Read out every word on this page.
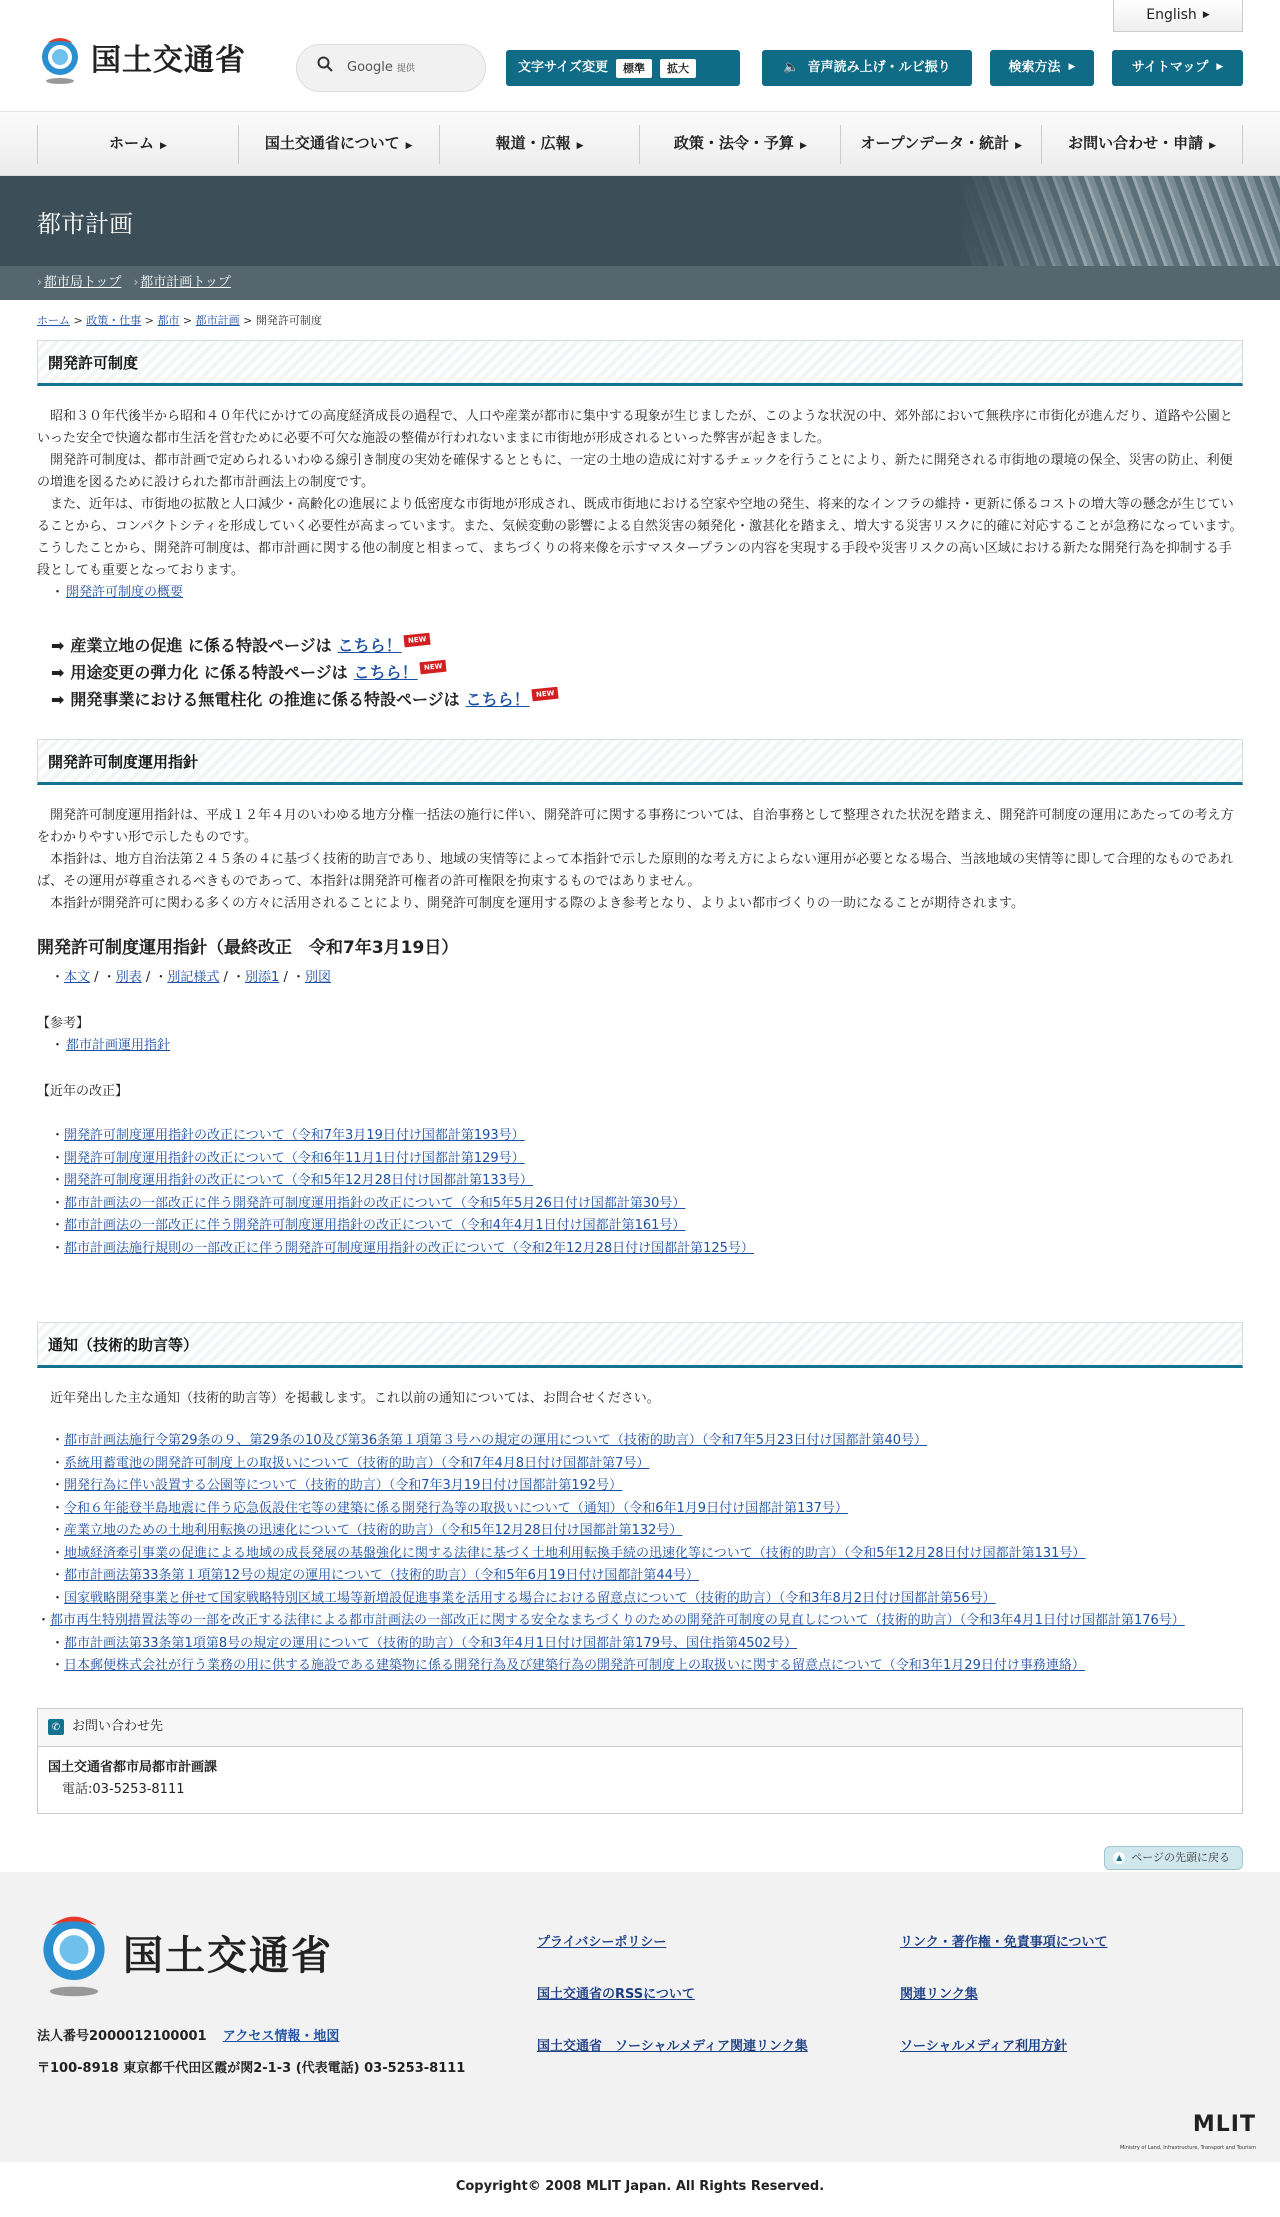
国土交通省
English ▶
Google 提供	文字サイズ変更	標準	拡大	🔈 音声読み上げ・ルビ振り	検索方法 ▶	サイトマップ ▶
ホーム ▶	国土交通省について ▶	報道・広報 ▶	政策・法令・予算 ▶	オープンデータ・統計 ▶	お問い合わせ・申請 ▶
都市計画
› 都市局トップ › 都市計画トップ
ホーム > 政策・仕事 > 都市 > 都市計画 > 開発許可制度
開発許可制度

昭和３０年代後半から昭和４０年代にかけての高度経済成長の過程で、人口や産業が都市に集中する現象が生じましたが、このような状況の中、郊外部において無秩序に市街化が進んだり、道路や公園といった安全で快適な都市生活を営むために必要不可欠な施設の整備が行われないままに市街地が形成されるといった弊害が起きました。

開発許可制度は、都市計画で定められるいわゆる線引き制度の実効を確保するとともに、一定の土地の造成に対するチェックを行うことにより、新たに開発される市街地の環境の保全、災害の防止、利便の増進を図るために設けられた都市計画法上の制度です。

また、近年は、市街地の拡散と人口減少・高齢化の進展により低密度な市街地が形成され、既成市街地における空家や空地の発生、将来的なインフラの維持・更新に係るコストの増大等の懸念が生じていることから、コンパクトシティを形成していく必要性が高まっています。また、気候変動の影響による自然災害の頻発化・激甚化を踏まえ、増大する災害リスクに的確に対応することが急務になっています。こうしたことから、開発許可制度は、都市計画に関する他の制度と相まって、まちづくりの将来像を示すマスタープランの内容を実現する手段や災害リスクの高い区域における新たな開発行為を抑制する手段としても重要となっております。

・ 開発許可制度の概要
➡ 産業立地の促進 に係る特設ページは こちら！ NEW
➡ 用途変更の弾力化 に係る特設ページは こちら！ NEW
➡ 開発事業における無電柱化 の推進に係る特設ページは こちら！ NEW
開発許可制度運用指針

開発許可制度運用指針は、平成１２年４月のいわゆる地方分権一括法の施行に伴い、開発許可に関する事務については、自治事務として整理された状況を踏まえ、開発許可制度の運用にあたっての考え方をわかりやすい形で示したものです。

本指針は、地方自治法第２４５条の４に基づく技術的助言であり、地域の実情等によって本指針で示した原則的な考え方によらない運用が必要となる場合、当該地域の実情等に即して合理的なものであれば、その運用が尊重されるべきものであって、本指針は開発許可権者の許可権限を拘束するものではありません。

本指針が開発許可に関わる多くの方々に活用されることにより、開発許可制度を運用する際のよき参考となり、よりよい都市づくりの一助になることが期待されます。

開発許可制度運用指針（最終改正　令和7年3月19日）
・本文 / ・別表 / ・別記様式 / ・別添1 / ・別図
【参考】
・ 都市計画運用指針
【近年の改正】
・開発許可制度運用指針の改正について（令和7年3月19日付け国都計第193号）
・開発許可制度運用指針の改正について（令和6年11月1日付け国都計第129号）
・開発許可制度運用指針の改正について（令和5年12月28日付け国都計第133号）
・都市計画法の一部改正に伴う開発許可制度運用指針の改正について（令和5年5月26日付け国都計第30号）
・都市計画法の一部改正に伴う開発許可制度運用指針の改正について（令和4年4月1日付け国都計第161号）
・都市計画法施行規則の一部改正に伴う開発許可制度運用指針の改正について（令和2年12月28日付け国都計第125号）
通知（技術的助言等）

近年発出した主な通知（技術的助言等）を掲載します。これ以前の通知については、お問合せください。

・都市計画法施行令第29条の９、第29条の10及び第36条第１項第３号ハの規定の運用について（技術的助言）（令和7年5月23日付け国都計第40号）
・系統用蓄電池の開発許可制度上の取扱いについて（技術的助言）（令和7年4月8日付け国都計第7号）
・開発行為に伴い設置する公園等について（技術的助言）（令和7年3月19日付け国都計第192号）
・令和６年能登半島地震に伴う応急仮設住宅等の建築に係る開発行為等の取扱いについて（通知）（令和6年1月9日付け国都計第137号）
・産業立地のための土地利用転換の迅速化について（技術的助言）（令和5年12月28日付け国都計第132号）
・地域経済牽引事業の促進による地域の成長発展の基盤強化に関する法律に基づく土地利用転換手続の迅速化等について（技術的助言）（令和5年12月28日付け国都計第131号）
・都市計画法第33条第１項第12号の規定の運用について（技術的助言）（令和5年6月19日付け国都計第44号）
・国家戦略開発事業と併せて国家戦略特別区域工場等新増設促進事業を活用する場合における留意点について（技術的助言）（令和3年8月2日付け国都計第56号）
・都市再生特別措置法等の一部を改正する法律による都市計画法の一部改正に関する安全なまちづくりのための開発許可制度の見直しについて（技術的助言）（令和3年4月1日付け国都計第176号）
・都市計画法第33条第1項第8号の規定の運用について（技術的助言）（令和3年4月1日付け国都計第179号、国住指第4502号）
・日本郵便株式会社が行う業務の用に供する施設である建築物に係る開発行為及び建築行為の開発許可制度上の取扱いに関する留意点について（令和3年1月29日付け事務連絡）
✆ お問い合わせ先
国土交通省都市局都市計画課
電話:03-5253-8111
▲ ページの先頭に戻る
国土交通省
法人番号2000012100001 アクセス情報・地図
〒100-8918 東京都千代田区霞が関2-1-3 (代表電話) 03-5253-8111
プライバシーポリシー	リンク・著作権・免責事項について
国土交通省のRSSについて	関連リンク集
国土交通省　ソーシャルメディア関連リンク集	ソーシャルメディア利用方針
MLIT
Ministry of Land, Infrastructure, Transport and Tourism
Copyright© 2008 MLIT Japan. All Rights Reserved.
